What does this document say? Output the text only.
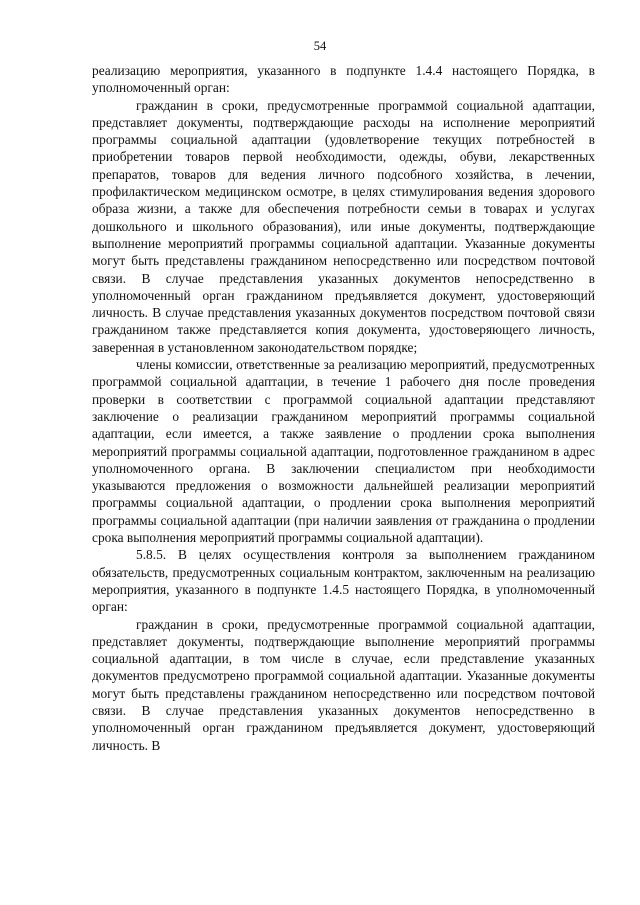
54

реализацию мероприятия, указанного в подпункте 1.4.4 настоящего Порядка, в уполномоченный орган:

гражданин в сроки, предусмотренные программой социальной адаптации, представляет документы, подтверждающие расходы на исполнение мероприятий программы социальной адаптации (удовлетворение текущих потребностей в приобретении товаров первой необходимости, одежды, обуви, лекарственных препаратов, товаров для ведения личного подсобного хозяйства, в лечении, профилактическом медицинском осмотре, в целях стимулирования ведения здорового образа жизни, а также для обеспечения потребности семьи в товарах и услугах дошкольного и школьного образования), или иные документы, подтверждающие выполнение мероприятий программы социальной адаптации. Указанные документы могут быть представлены гражданином непосредственно или посредством почтовой связи. В случае представления указанных документов непосредственно в уполномоченный орган гражданином предъявляется документ, удостоверяющий личность. В случае представления указанных документов посредством почтовой связи гражданином также представляется копия документа, удостоверяющего личность, заверенная в установленном законодательством порядке;

члены комиссии, ответственные за реализацию мероприятий, предусмотренных программой социальной адаптации, в течение 1 рабочего дня после проведения проверки в соответствии с программой социальной адаптации представляют заключение о реализации гражданином мероприятий программы социальной адаптации, если имеется, а также заявление о продлении срока выполнения мероприятий программы социальной адаптации, подготовленное гражданином в адрес уполномоченного органа. В заключении специалистом при необходимости указываются предложения о возможности дальнейшей реализации мероприятий программы социальной адаптации, о продлении срока выполнения мероприятий программы социальной адаптации (при наличии заявления от гражданина о продлении срока выполнения мероприятий программы социальной адаптации).

5.8.5. В целях осуществления контроля за выполнением гражданином обязательств, предусмотренных социальным контрактом, заключенным на реализацию мероприятия, указанного в подпункте 1.4.5 настоящего Порядка, в уполномоченный орган:

гражданин в сроки, предусмотренные программой социальной адаптации, представляет документы, подтверждающие выполнение мероприятий программы социальной адаптации, в том числе в случае, если представление указанных документов предусмотрено программой социальной адаптации. Указанные документы могут быть представлены гражданином непосредственно или посредством почтовой связи. В случае представления указанных документов непосредственно в уполномоченный орган гражданином предъявляется документ, удостоверяющий личность. В
